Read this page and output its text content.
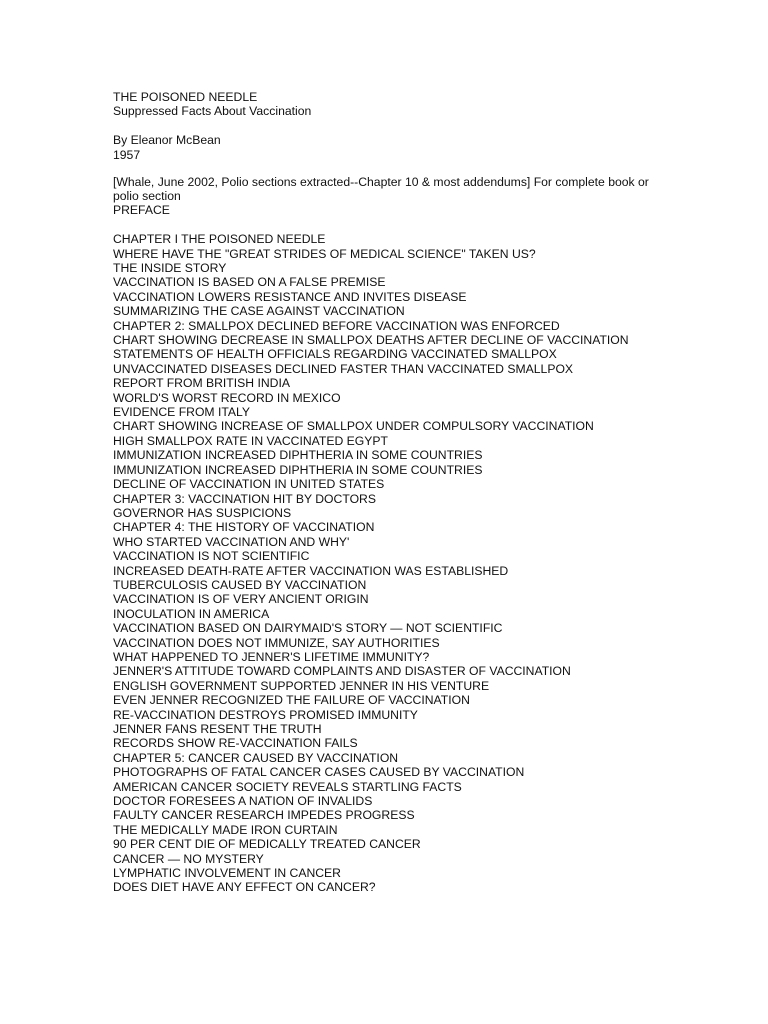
THE POISONED NEEDLE
Suppressed Facts About Vaccination
By Eleanor McBean
1957
[Whale, June 2002, Polio sections extracted--Chapter 10 & most addendums] For complete book or polio section
PREFACE
CHAPTER I THE POISONED NEEDLE
WHERE HAVE THE "GREAT STRIDES OF MEDICAL SCIENCE" TAKEN US?
THE INSIDE STORY
VACCINATION IS BASED ON A FALSE PREMISE
VACCINATION LOWERS RESISTANCE AND INVITES DISEASE
SUMMARIZING THE CASE AGAINST VACCINATION
CHAPTER 2: SMALLPOX DECLINED BEFORE VACCINATION WAS ENFORCED
CHART SHOWING DECREASE IN SMALLPOX DEATHS AFTER DECLINE OF VACCINATION
STATEMENTS OF HEALTH OFFICIALS REGARDING VACCINATED SMALLPOX
UNVACCINATED DISEASES DECLINED FASTER THAN VACCINATED SMALLPOX
REPORT FROM BRITISH INDIA
WORLD'S WORST RECORD IN MEXICO
EVIDENCE FROM ITALY
CHART SHOWING INCREASE OF SMALLPOX UNDER COMPULSORY VACCINATION
HIGH SMALLPOX RATE IN VACCINATED EGYPT
IMMUNIZATION INCREASED DIPHTHERIA IN SOME COUNTRIES
IMMUNIZATION INCREASED DIPHTHERIA IN SOME COUNTRIES
DECLINE OF VACCINATION IN UNITED STATES
CHAPTER 3: VACCINATION HIT BY DOCTORS
GOVERNOR HAS SUSPICIONS
CHAPTER 4: THE HISTORY OF VACCINATION
WHO STARTED VACCINATION AND WHY'
VACCINATION IS NOT SCIENTIFIC
INCREASED DEATH-RATE AFTER VACCINATION WAS ESTABLISHED
TUBERCULOSIS CAUSED BY VACCINATION
VACCINATION IS OF VERY ANCIENT ORIGIN
INOCULATION IN AMERICA
VACCINATION BASED ON DAIRYMAID'S STORY — NOT SCIENTIFIC
VACCINATION DOES NOT IMMUNIZE, SAY AUTHORITIES
WHAT HAPPENED TO JENNER'S LIFETIME IMMUNITY?
JENNER'S ATTITUDE TOWARD COMPLAINTS AND DISASTER OF VACCINATION
ENGLISH GOVERNMENT SUPPORTED JENNER IN HIS VENTURE
EVEN JENNER RECOGNIZED THE FAILURE OF VACCINATION
RE-VACCINATION DESTROYS PROMISED IMMUNITY
JENNER FANS RESENT THE TRUTH
RECORDS SHOW RE-VACCINATION FAILS
CHAPTER 5: CANCER CAUSED BY VACCINATION
PHOTOGRAPHS OF FATAL CANCER CASES CAUSED BY VACCINATION
AMERICAN CANCER SOCIETY REVEALS STARTLING FACTS
DOCTOR FORESEES A NATION OF INVALIDS
FAULTY CANCER RESEARCH IMPEDES PROGRESS
THE MEDICALLY MADE IRON CURTAIN
90 PER CENT DIE OF MEDICALLY TREATED CANCER
CANCER — NO MYSTERY
LYMPHATIC INVOLVEMENT IN CANCER
DOES DIET HAVE ANY EFFECT ON CANCER?
